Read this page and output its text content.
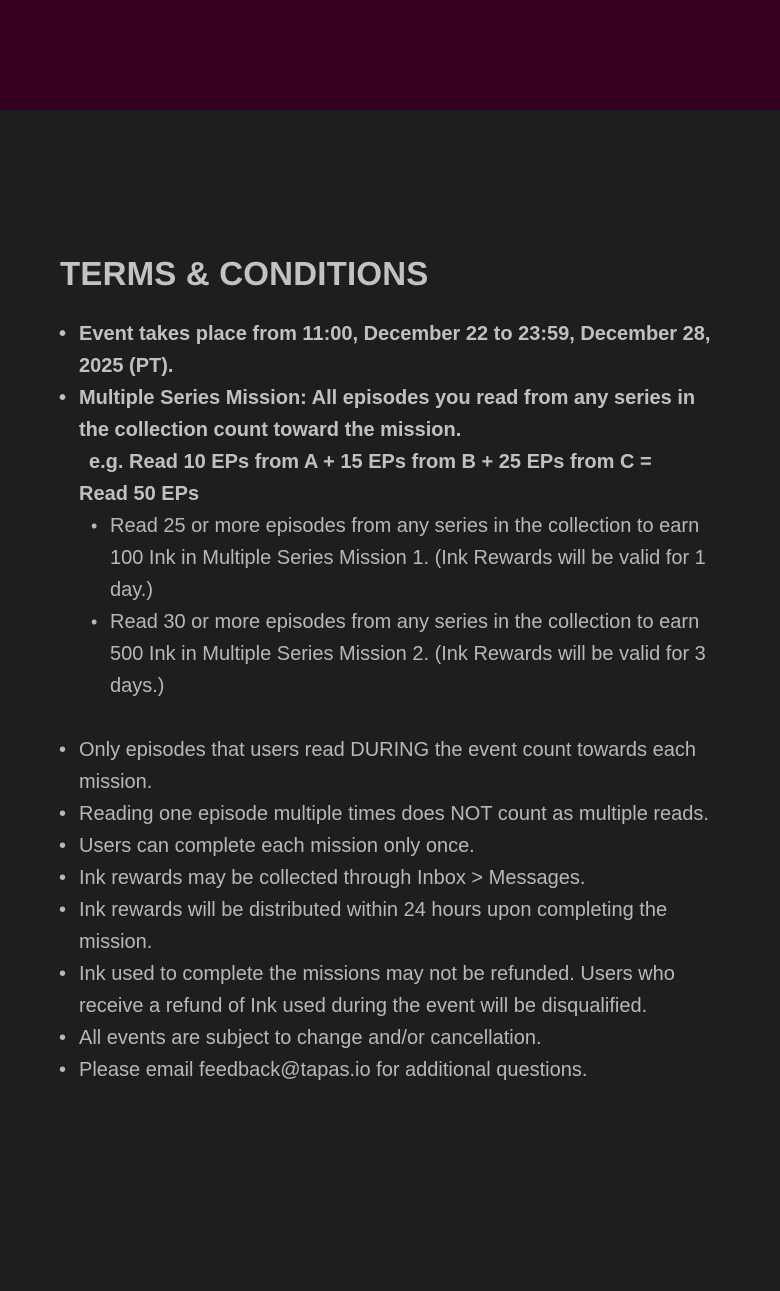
TERMS & CONDITIONS
• Event takes place from 11:00, December 22 to 23:59, December 28, 2025 (PT).
• Multiple Series Mission: All episodes you read from any series in the collection count toward the mission.
e.g. Read 10 EPs from A + 15 EPs from B + 25 EPs from C =
Read 50 EPs
• Read 25 or more episodes from any series in the collection to earn 100 Ink in Multiple Series Mission 1. (Ink Rewards will be valid for 1 day.)
• Read 30 or more episodes from any series in the collection to earn 500 Ink in Multiple Series Mission 2. (Ink Rewards will be valid for 3 days.)
• Only episodes that users read DURING the event count towards each mission.
• Reading one episode multiple times does NOT count as multiple reads.
• Users can complete each mission only once.
• Ink rewards may be collected through Inbox > Messages.
• Ink rewards will be distributed within 24 hours upon completing the mission.
• Ink used to complete the missions may not be refunded. Users who receive a refund of Ink used during the event will be disqualified.
• All events are subject to change and/or cancellation.
• Please email feedback@tapas.io for additional questions.
